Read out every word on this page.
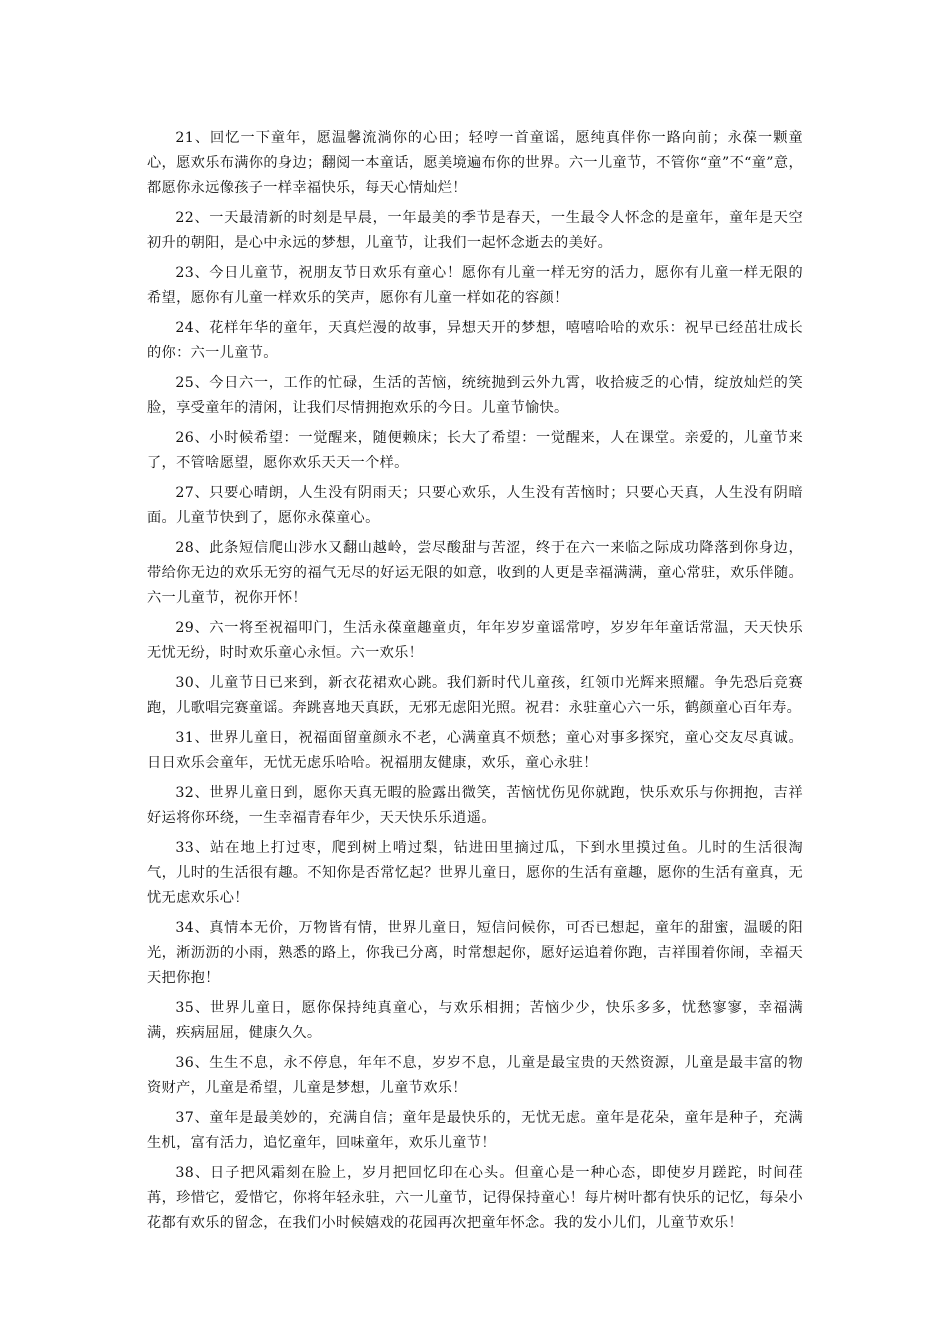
21、回忆一下童年，愿温馨流淌你的心田；轻哼一首童谣，愿纯真伴你一路向前；永葆一颗童心，愿欢乐布满你的身边；翻阅一本童话，愿美境遍布你的世界。六一儿童节，不管你“童”不“童”意，都愿你永远像孩子一样幸福快乐，每天心情灿烂！

22、一天最清新的时刻是早晨，一年最美的季节是春天，一生最令人怀念的是童年，童年是天空初升的朝阳，是心中永远的梦想，儿童节，让我们一起怀念逝去的美好。

23、今日儿童节，祝朋友节日欢乐有童心！愿你有儿童一样无穷的活力，愿你有儿童一样无限的希望，愿你有儿童一样欢乐的笑声，愿你有儿童一样如花的容颜！

24、花样年华的童年，天真烂漫的故事，异想天开的梦想，嘻嘻哈哈的欢乐：祝早已经茁壮成长的你：六一儿童节。

25、今日六一，工作的忙碌，生活的苦恼，统统抛到云外九霄，收拾疲乏的心情，绽放灿烂的笑脸，享受童年的清闲，让我们尽情拥抱欢乐的今日。儿童节愉快。

26、小时候希望：一觉醒来，随便赖床；长大了希望：一觉醒来，人在课堂。亲爱的，儿童节来了，不管啥愿望，愿你欢乐天天一个样。

27、只要心晴朗，人生没有阴雨天；只要心欢乐，人生没有苦恼时；只要心天真，人生没有阴暗面。儿童节快到了，愿你永葆童心。

28、此条短信爬山涉水又翻山越岭，尝尽酸甜与苦涩，终于在六一来临之际成功降落到你身边，带给你无边的欢乐无穷的福气无尽的好运无限的如意，收到的人更是幸福满满，童心常驻，欢乐伴随。六一儿童节，祝你开怀！

29、六一将至祝福叩门，生活永葆童趣童贞，年年岁岁童谣常哼，岁岁年年童话常温，天天快乐无忧无纷，时时欢乐童心永恒。六一欢乐！

30、儿童节日已来到，新衣花裙欢心跳。我们新时代儿童孩，红领巾光辉来照耀。争先恐后竞赛跑，儿歌唱完赛童谣。奔跳喜地天真跃，无邪无虑阳光照。祝君：永驻童心六一乐，鹤颜童心百年寿。

31、世界儿童日，祝福面留童颜永不老，心满童真不烦愁；童心对事多探究，童心交友尽真诚。日日欢乐会童年，无忧无虑乐哈哈。祝福朋友健康，欢乐，童心永驻！

32、世界儿童日到，愿你天真无暇的脸露出微笑，苦恼忧伤见你就跑，快乐欢乐与你拥抱，吉祥好运将你环绕，一生幸福青春年少，天天快乐乐逍遥。

33、站在地上打过枣，爬到树上啃过梨，钻进田里摘过瓜，下到水里摸过鱼。儿时的生活很淘气，儿时的生活很有趣。不知你是否常忆起？世界儿童日，愿你的生活有童趣，愿你的生活有童真，无忧无虑欢乐心！

34、真情本无价，万物皆有情，世界儿童日，短信问候你，可否已想起，童年的甜蜜，温暖的阳光，淅沥沥的小雨，熟悉的路上，你我已分离，时常想起你，愿好运追着你跑，吉祥围着你闹，幸福天天把你抱！

35、世界儿童日，愿你保持纯真童心，与欢乐相拥；苦恼少少，快乐多多，忧愁寥寥，幸福满满，疾病屈屈，健康久久。

36、生生不息，永不停息，年年不息，岁岁不息，儿童是最宝贵的天然资源，儿童是最丰富的物资财产，儿童是希望，儿童是梦想，儿童节欢乐！

37、童年是最美妙的，充满自信；童年是最快乐的，无忧无虑。童年是花朵，童年是种子，充满生机，富有活力，追忆童年，回味童年，欢乐儿童节！

38、日子把风霜刻在脸上，岁月把回忆印在心头。但童心是一种心态，即使岁月蹉跎，时间荏苒，珍惜它，爱惜它，你将年轻永驻，六一儿童节，记得保持童心！每片树叶都有快乐的记忆，每朵小花都有欢乐的留念，在我们小时候嬉戏的花园再次把童年怀念。我的发小儿们，儿童节欢乐！
